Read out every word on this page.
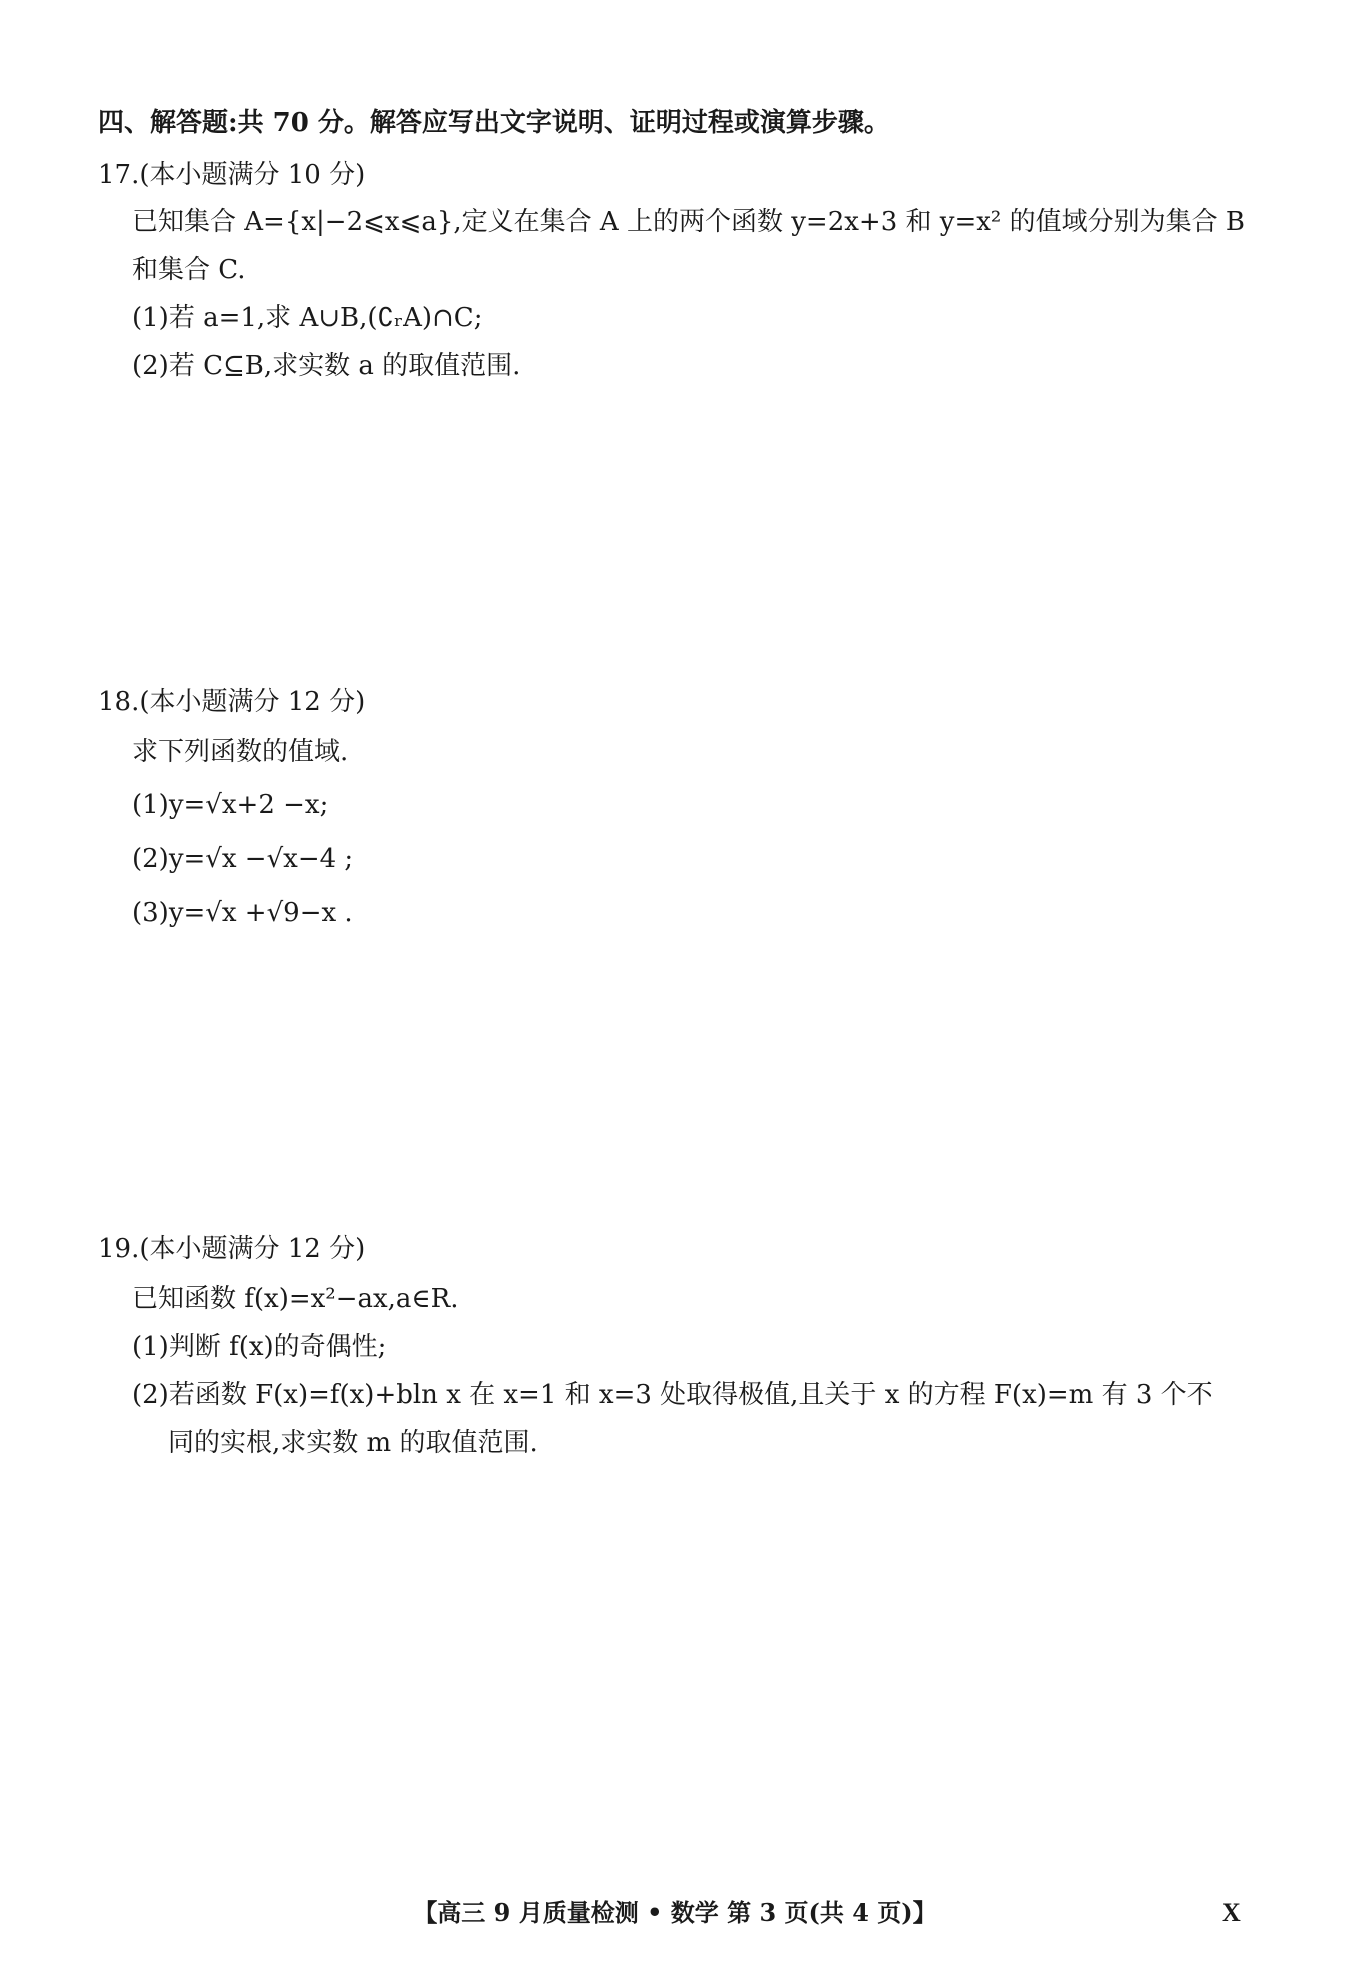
四、解答题:共 70 分。解答应写出文字说明、证明过程或演算步骤。
17.(本小题满分 10 分)
已知集合 A={x|−2⩽x⩽a},定义在集合 A 上的两个函数 y=2x+3 和 y=x² 的值域分别为集合 B
和集合 C.
(1)若 a=1,求 A∪B,(∁ᵣA)∩C;
(2)若 C⊆B,求实数 a 的取值范围.
18.(本小题满分 12 分)
求下列函数的值域.
(1)y=√x+2 −x;
(2)y=√x −√x−4 ;
(3)y=√x +√9−x .
19.(本小题满分 12 分)
已知函数 f(x)=x²−ax,a∈R.
(1)判断 f(x)的奇偶性;
(2)若函数 F(x)=f(x)+bln x 在 x=1 和 x=3 处取得极值,且关于 x 的方程 F(x)=m 有 3 个不
同的实根,求实数 m 的取值范围.
【高三 9 月质量检测 • 数学 第 3 页(共 4 页)】	X
